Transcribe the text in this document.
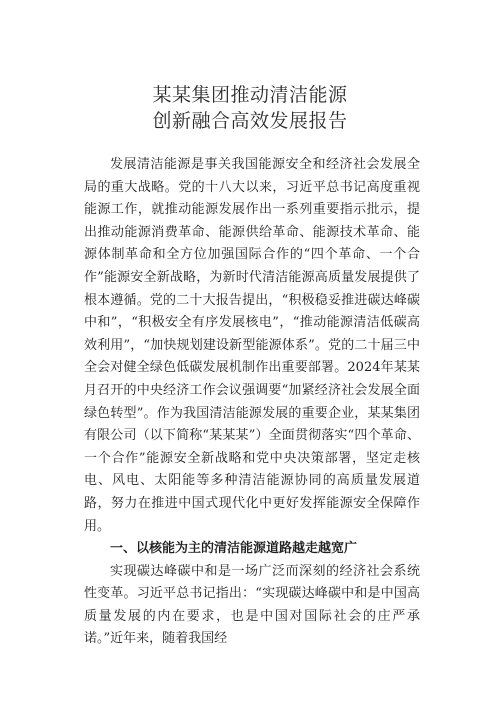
某某集团推动清洁能源
创新融合高效发展报告

发展清洁能源是事关我国能源安全和经济社会发展全局的重大战略。党的十八大以来，习近平总书记高度重视能源工作，就推动能源发展作出一系列重要指示批示，提出推动能源消费革命、能源供给革命、能源技术革命、能源体制革命和全方位加强国际合作的“四个革命、一个合作”能源安全新战略，为新时代清洁能源高质量发展提供了根本遵循。党的二十大报告提出，“积极稳妥推进碳达峰碳中和”，“积极安全有序发展核电”，“推动能源清洁低碳高效利用”，“加快规划建设新型能源体系”。党的二十届三中全会对健全绿色低碳发展机制作出重要部署。2024年某某月召开的中央经济工作会议强调要“加紧经济社会发展全面绿色转型”。作为我国清洁能源发展的重要企业，某某集团有限公司（以下简称“某某某”）全面贯彻落实“四个革命、一个合作”能源安全新战略和党中央决策部署，坚定走核电、风电、太阳能等多种清洁能源协同的高质量发展道路，努力在推进中国式现代化中更好发挥能源安全保障作用。

一、以核能为主的清洁能源道路越走越宽广

实现碳达峰碳中和是一场广泛而深刻的经济社会系统性变革。习近平总书记指出：“实现碳达峰碳中和是中国高质量发展的内在要求，也是中国对国际社会的庄严承诺。”近年来，随着我国经
